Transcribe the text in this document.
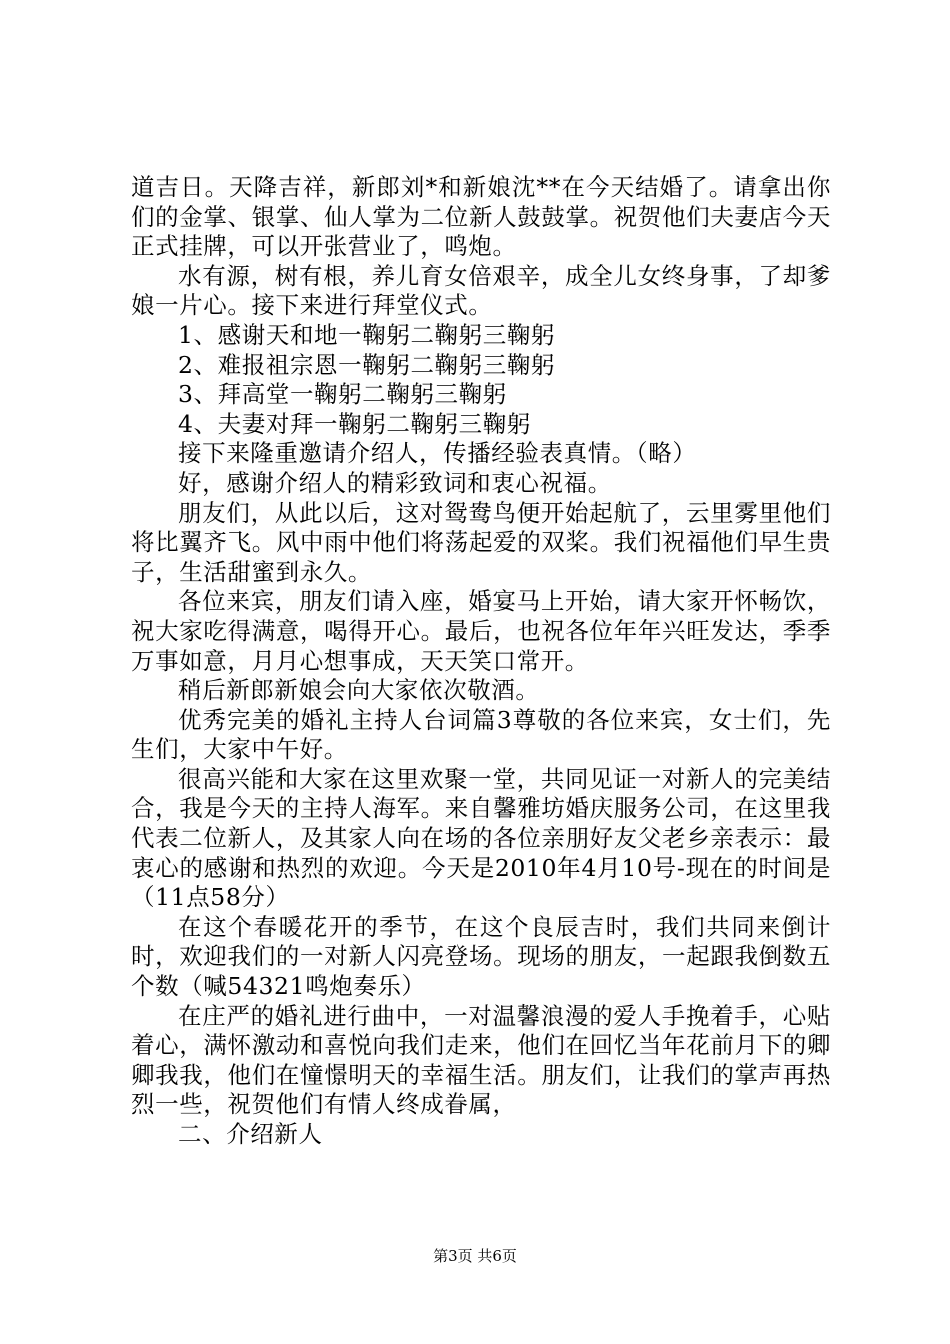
道吉日。天降吉祥，新郎刘*和新娘沈**在今天结婚了。请拿出你们的金掌、银掌、仙人掌为二位新人鼓鼓掌。祝贺他们夫妻店今天正式挂牌，可以开张营业了，鸣炮。

水有源，树有根，养儿育女倍艰辛，成全儿女终身事，了却爹娘一片心。接下来进行拜堂仪式。

1、感谢天和地一鞠躬二鞠躬三鞠躬

2、难报祖宗恩一鞠躬二鞠躬三鞠躬

3、拜高堂一鞠躬二鞠躬三鞠躬

4、夫妻对拜一鞠躬二鞠躬三鞠躬

接下来隆重邀请介绍人，传播经验表真情。（略）

好，感谢介绍人的精彩致词和衷心祝福。

朋友们，从此以后，这对鸳鸯鸟便开始起航了，云里雾里他们将比翼齐飞。风中雨中他们将荡起爱的双桨。我们祝福他们早生贵子，生活甜蜜到永久。

各位来宾，朋友们请入座，婚宴马上开始，请大家开怀畅饮，祝大家吃得满意，喝得开心。最后，也祝各位年年兴旺发达，季季万事如意，月月心想事成，天天笑口常开。

稍后新郎新娘会向大家依次敬酒。

优秀完美的婚礼主持人台词篇3尊敬的各位来宾，女士们，先生们，大家中午好。

很高兴能和大家在这里欢聚一堂，共同见证一对新人的完美结合，我是今天的主持人海军。来自馨雅坊婚庆服务公司，在这里我代表二位新人，及其家人向在场的各位亲朋好友父老乡亲表示：最衷心的感谢和热烈的欢迎。今天是2010年4月10号-现在的时间是（11点58分）

在这个春暖花开的季节，在这个良辰吉时，我们共同来倒计时，欢迎我们的一对新人闪亮登场。现场的朋友，一起跟我倒数五个数（喊54321鸣炮奏乐）

在庄严的婚礼进行曲中，一对温馨浪漫的爱人手挽着手，心贴着心，满怀激动和喜悦向我们走来，他们在回忆当年花前月下的卿卿我我，他们在憧憬明天的幸福生活。朋友们，让我们的掌声再热烈一些，祝贺他们有情人终成眷属，

二、介绍新人

第3页 共6页
